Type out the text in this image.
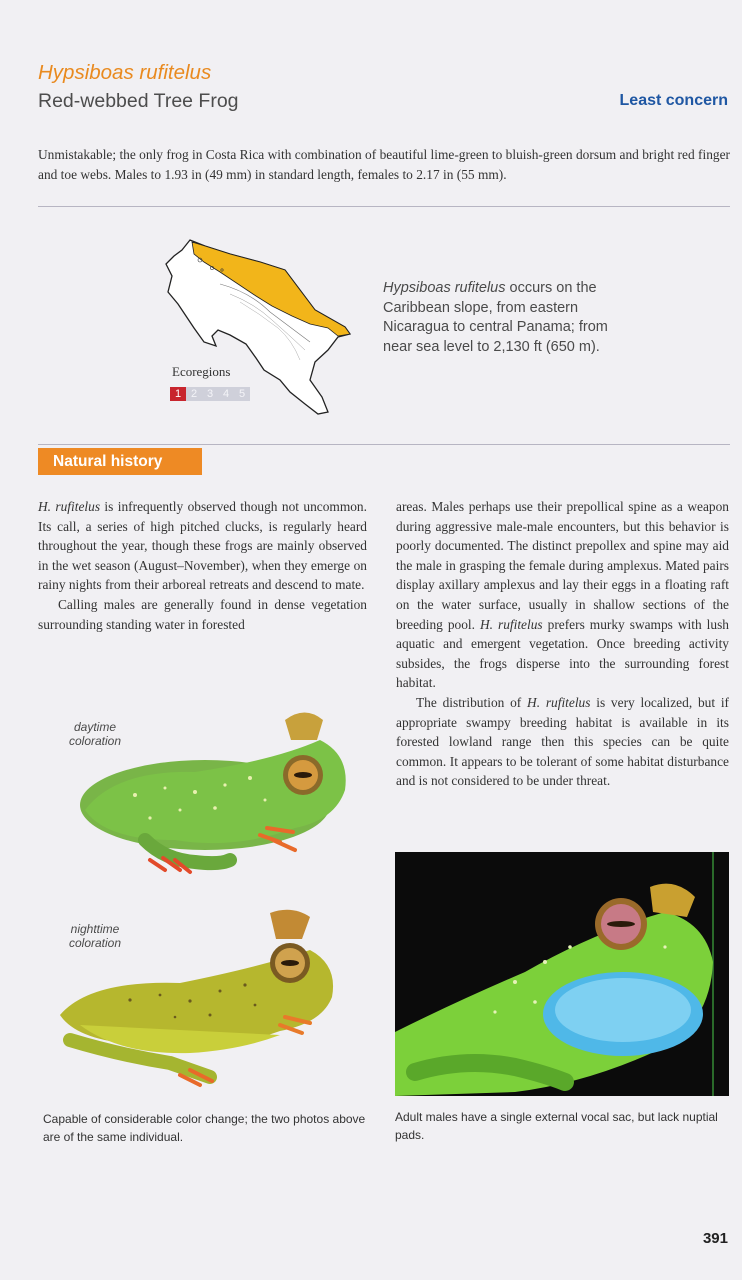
Hypsiboas rufitelus
Red-webbed Tree Frog	Least concern
Unmistakable; the only frog in Costa Rica with combination of beautiful lime-green to bluish-green dorsum and bright red finger and toe webs. Males to 1.93 in (49 mm) in standard length, females to 2.17 in (55 mm).
Ecoregions
1 2 3 4 5
Hypsiboas rufitelus occurs on the Caribbean slope, from eastern Nicaragua to central Panama; from near sea level to 2,130 ft (650 m).
Natural history

H. rufitelus is infrequently observed though not uncommon. Its call, a series of high pitched clucks, is regularly heard throughout the year, though these frogs are mainly observed in the wet season (August–November), when they emerge on rainy nights from their arboreal retreats and descend to mate.

Calling males are generally found in dense vegetation surrounding standing water in forested

areas. Males perhaps use their prepollical spine as a weapon during aggressive male-male encounters, but this behavior is poorly documented. The distinct prepollex and spine may aid the male in grasping the female during amplexus. Mated pairs display axillary amplexus and lay their eggs in a floating raft on the water surface, usually in shallow sections of the breeding pool. H. rufitelus prefers murky swamps with lush aquatic and emergent vegetation. Once breeding activity subsides, the frogs disperse into the surrounding forest habitat.

The distribution of H. rufitelus is very localized, but if appropriate swampy breeding habitat is available in its forested lowland range then this species can be quite common. It appears to be tolerant of some habitat disturbance and is not considered to be under threat.

daytime coloration
nighttime coloration
Capable of considerable color change; the two photos above are of the same individual.
Adult males have a single external vocal sac, but lack nuptial pads.
391
